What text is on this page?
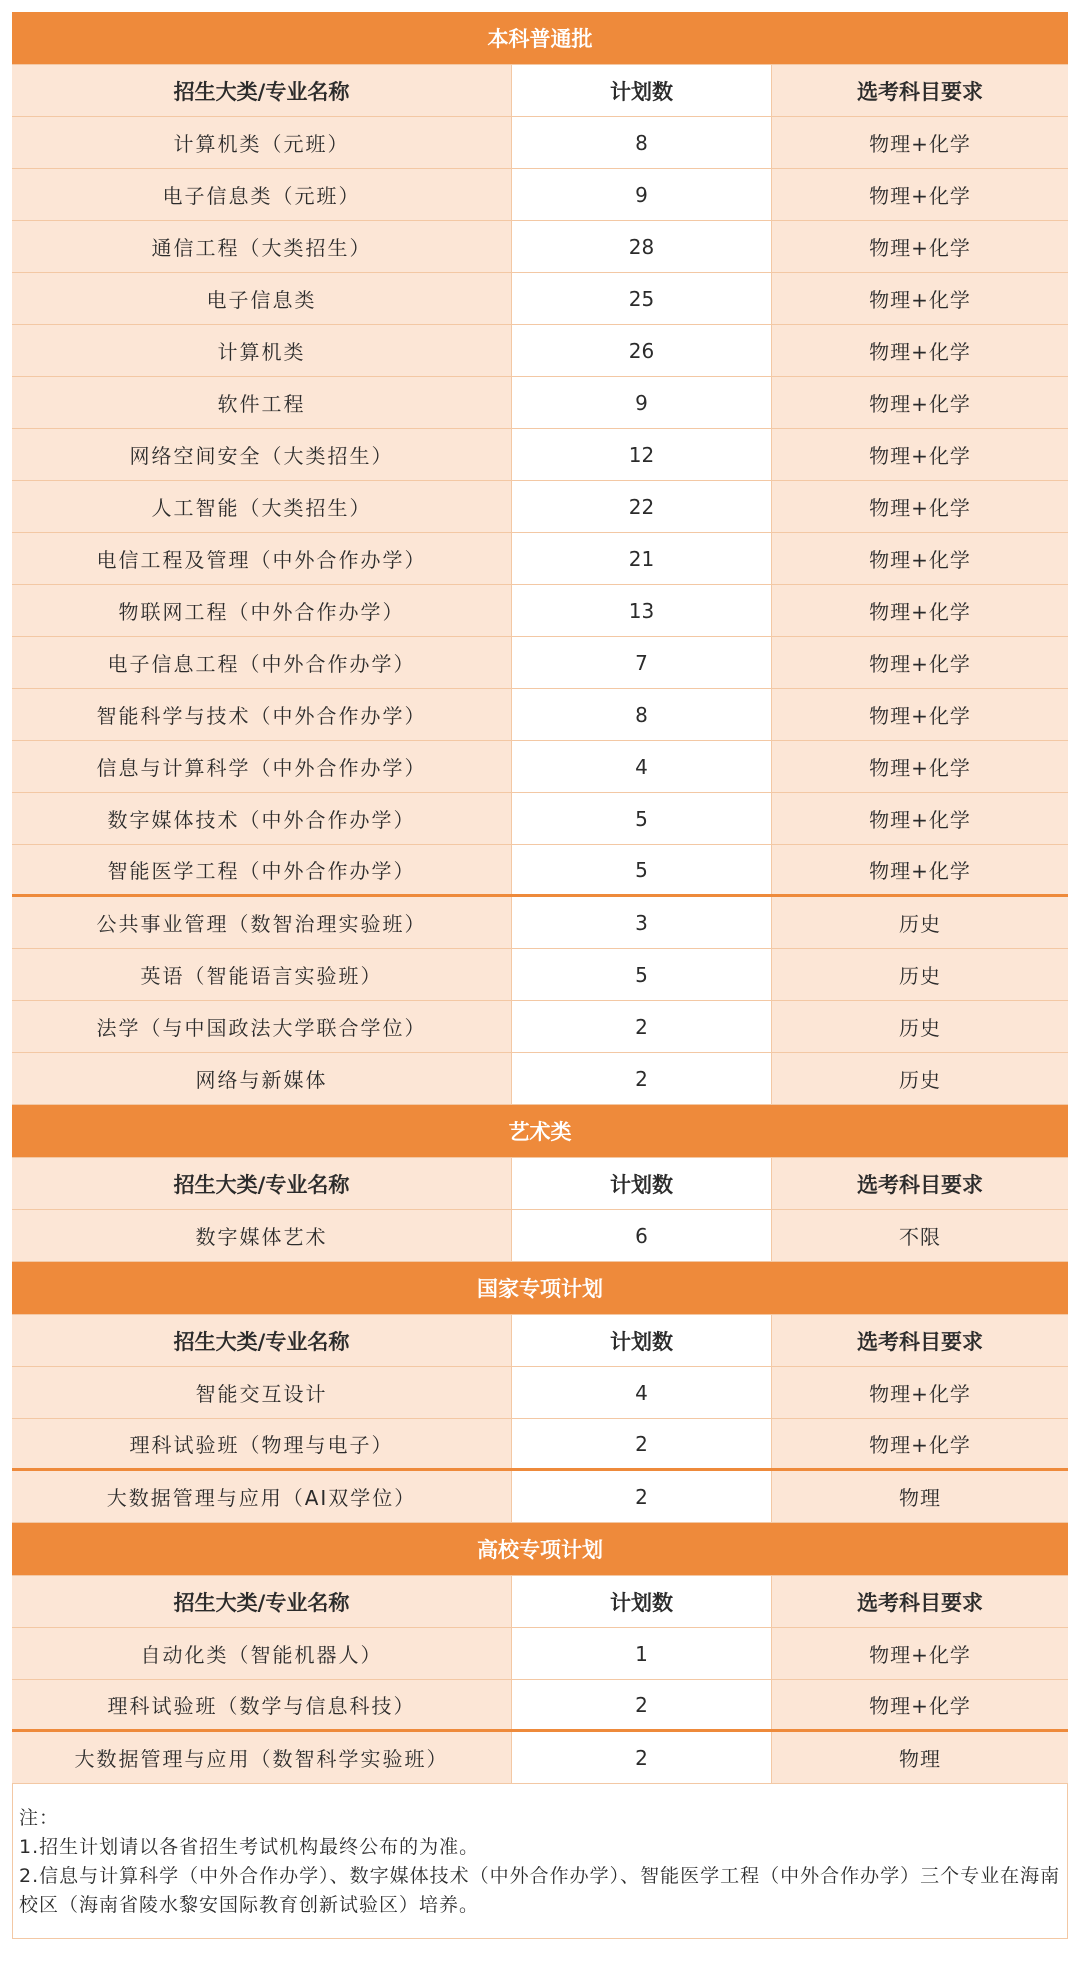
本科普通批
招生大类/专业名称	计划数	选考科目要求
计算机类（元班）	8	物理+化学
电子信息类（元班）	9	物理+化学
通信工程（大类招生）	28	物理+化学
电子信息类	25	物理+化学
计算机类	26	物理+化学
软件工程	9	物理+化学
网络空间安全（大类招生）	12	物理+化学
人工智能（大类招生）	22	物理+化学
电信工程及管理（中外合作办学）	21	物理+化学
物联网工程（中外合作办学）	13	物理+化学
电子信息工程（中外合作办学）	7	物理+化学
智能科学与技术（中外合作办学）	8	物理+化学
信息与计算科学（中外合作办学）	4	物理+化学
数字媒体技术（中外合作办学）	5	物理+化学
智能医学工程（中外合作办学）	5	物理+化学
公共事业管理（数智治理实验班）	3	历史
英语（智能语言实验班）	5	历史
法学（与中国政法大学联合学位）	2	历史
网络与新媒体	2	历史
艺术类
招生大类/专业名称	计划数	选考科目要求
数字媒体艺术	6	不限
国家专项计划
招生大类/专业名称	计划数	选考科目要求
智能交互设计	4	物理+化学
理科试验班（物理与电子）	2	物理+化学
大数据管理与应用（AI双学位）	2	物理
高校专项计划
招生大类/专业名称	计划数	选考科目要求
自动化类（智能机器人）	1	物理+化学
理科试验班（数学与信息科技）	2	物理+化学
大数据管理与应用（数智科学实验班）	2	物理
注：
1.招生计划请以各省招生考试机构最终公布的为准。
2.信息与计算科学（中外合作办学）、数字媒体技术（中外合作办学）、智能医学工程（中外合作办学）三个专业在海南校区（海南省陵水黎安国际教育创新试验区）培养。
